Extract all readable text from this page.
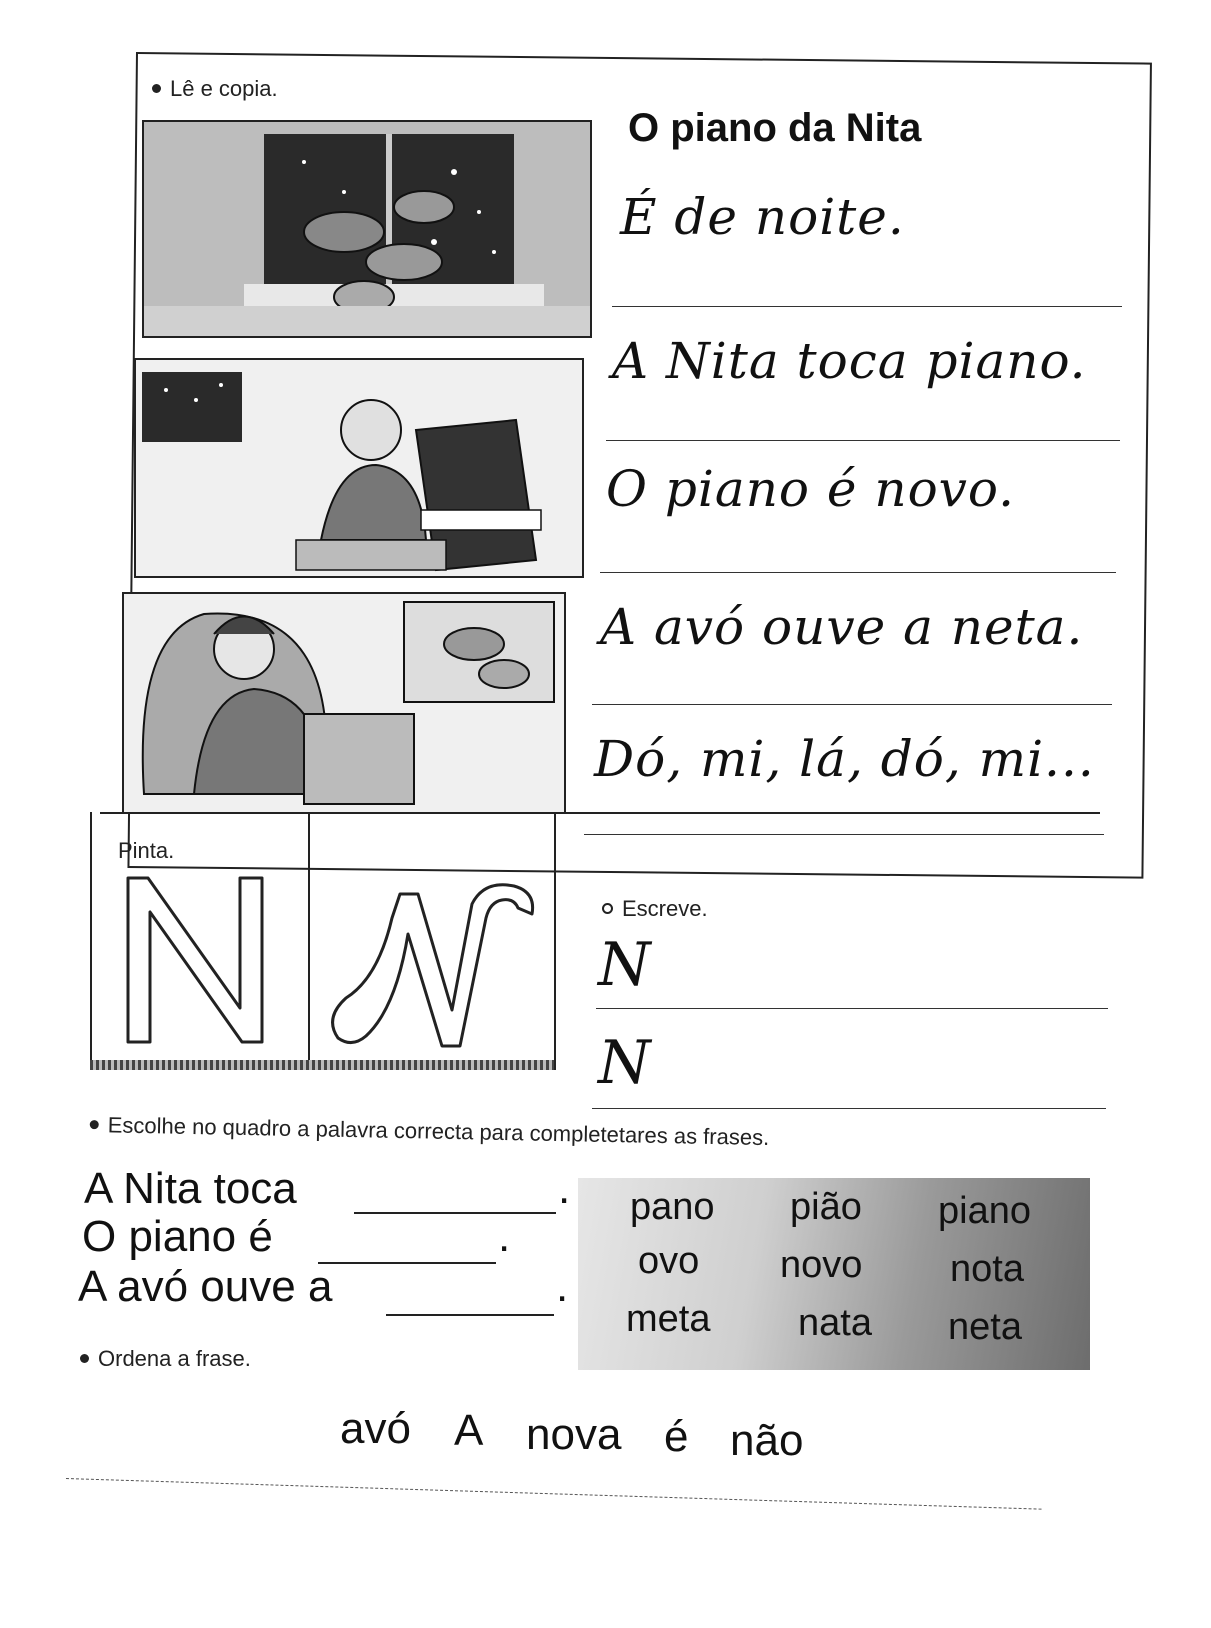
Lê e copia.
O piano da Nita
É de noite.
A Nita toca piano.
O piano é novo.
A avó ouve a neta.
Dó, mi, lá, dó, mi...
Pinta.
Escreve.
N
N
Escolhe no quadro a palavra correcta para completetares as frases.
A Nita toca	.
O piano é	.
A avó ouve a	.
pano pião piano
ovo novo nota
meta nata neta
Ordena a frase.
avó A nova é não
